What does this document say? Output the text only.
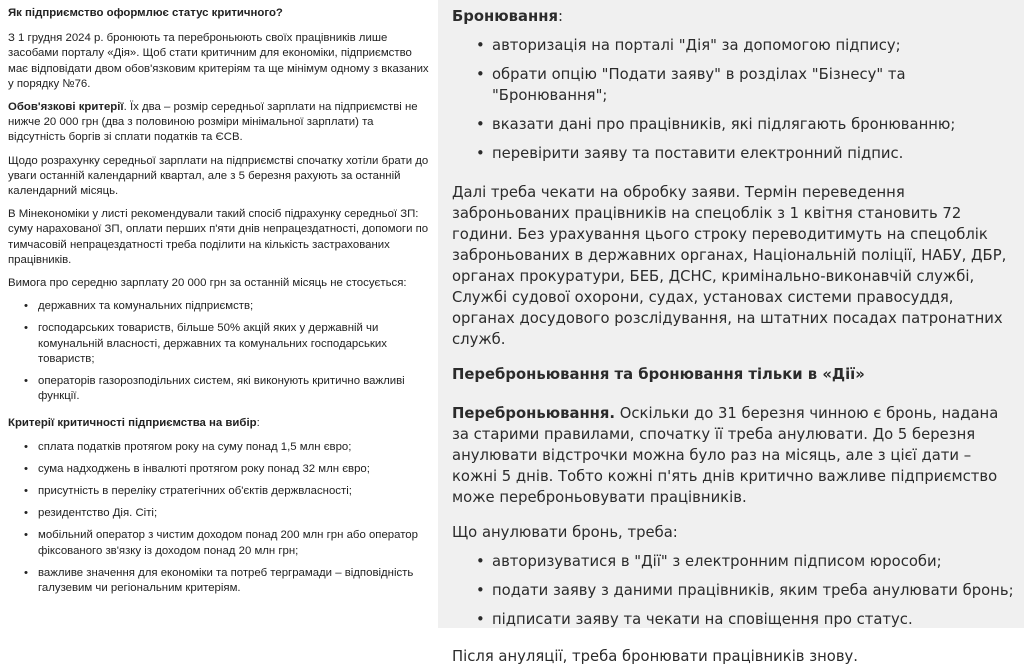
Як підприємство оформлює статус критичного?

З 1 грудня 2024 р. бронюють та переброньюють своїх працівників лише засобами порталу «Дія». Щоб стати критичним для економіки, підприємство має відповідати двом обов'язковим критеріям та ще мінімум одному з вказаних у порядку №76.

Обов'язкові критерії. Їх два – розмір середньої зарплати на підприємстві не нижче 20 000 грн (два з половиною розміри мінімальної зарплати) та відсутність боргів зі сплати податків та ЄСВ.

Щодо розрахунку середньої зарплати на підприємстві спочатку хотіли брати до уваги останній календарний квартал, але з 5 березня рахують за останній календарний місяць.

В Мінекономіки у листі рекомендували такий спосіб підрахунку середньої ЗП: суму нарахованої ЗП, оплати перших п'яти днів непрацездатності, допомоги по тимчасовій непрацездатності треба поділити на кількість застрахованих працівників.

Вимога про середню зарплату 20 000 грн за останній місяць не стосується:

• державних та комунальних підприємств;
• господарських товариств, більше 50% акцій яких у державній чи комунальній власності, державних та комунальних господарських товариств;
• операторів газорозподільних систем, які виконують критично важливі функції.

Критерії критичності підприємства на вибір:

• сплата податків протягом року на суму понад 1,5 млн євро;
• сума надходжень в інвалюті протягом року понад 32 млн євро;
• присутність в переліку стратегічних об'єктів держвласності;
• резидентство Дія. Сіті;
• мобільний оператор з чистим доходом понад 200 млн грн або оператор фіксованого зв'язку із доходом понад 20 млн грн;
• важливе значення для економіки та потреб терграмади – відповідність галузевим чи регіональним критеріям.

Бронювання:

• авторизація на порталі "Дія" за допомогою підпису;
• обрати опцію "Подати заяву" в розділах "Бізнесу" та "Бронювання";
• вказати дані про працівників, які підлягають бронюванню;
• перевірити заяву та поставити електронний підпис.

Далі треба чекати на обробку заяви. Термін переведення заброньованих працівників на спецоблік з 1 квітня становить 72 години. Без урахування цього строку переводитимуть на спецоблік заброньованих в державних органах, Національній поліції, НАБУ, ДБР, органах прокуратури, БЕБ, ДСНС, кримінально-виконавчій службі, Службі судової охорони, судах, установах системи правосуддя, органах досудового розслідування, на штатних посадах патронатних служб.

Переброньювання та бронювання тільки в «Дії»

Переброньювання. Оскільки до 31 березня чинною є бронь, надана за старими правилами, спочатку її треба анулювати. До 5 березня анулювати відстрочки можна було раз на місяць, але з цієї дати – кожні 5 днів. Тобто кожні п'ять днів критично важливе підприємство може переброньовувати працівників.

Що анулювати бронь, треба:

• авторизуватися в "Дії" з електронним підписом юрособи;
• подати заяву з даними працівників, яким треба анулювати бронь;
• підписати заяву та чекати на сповіщення про статус.

Після ануляції, треба бронювати працівників знову.
